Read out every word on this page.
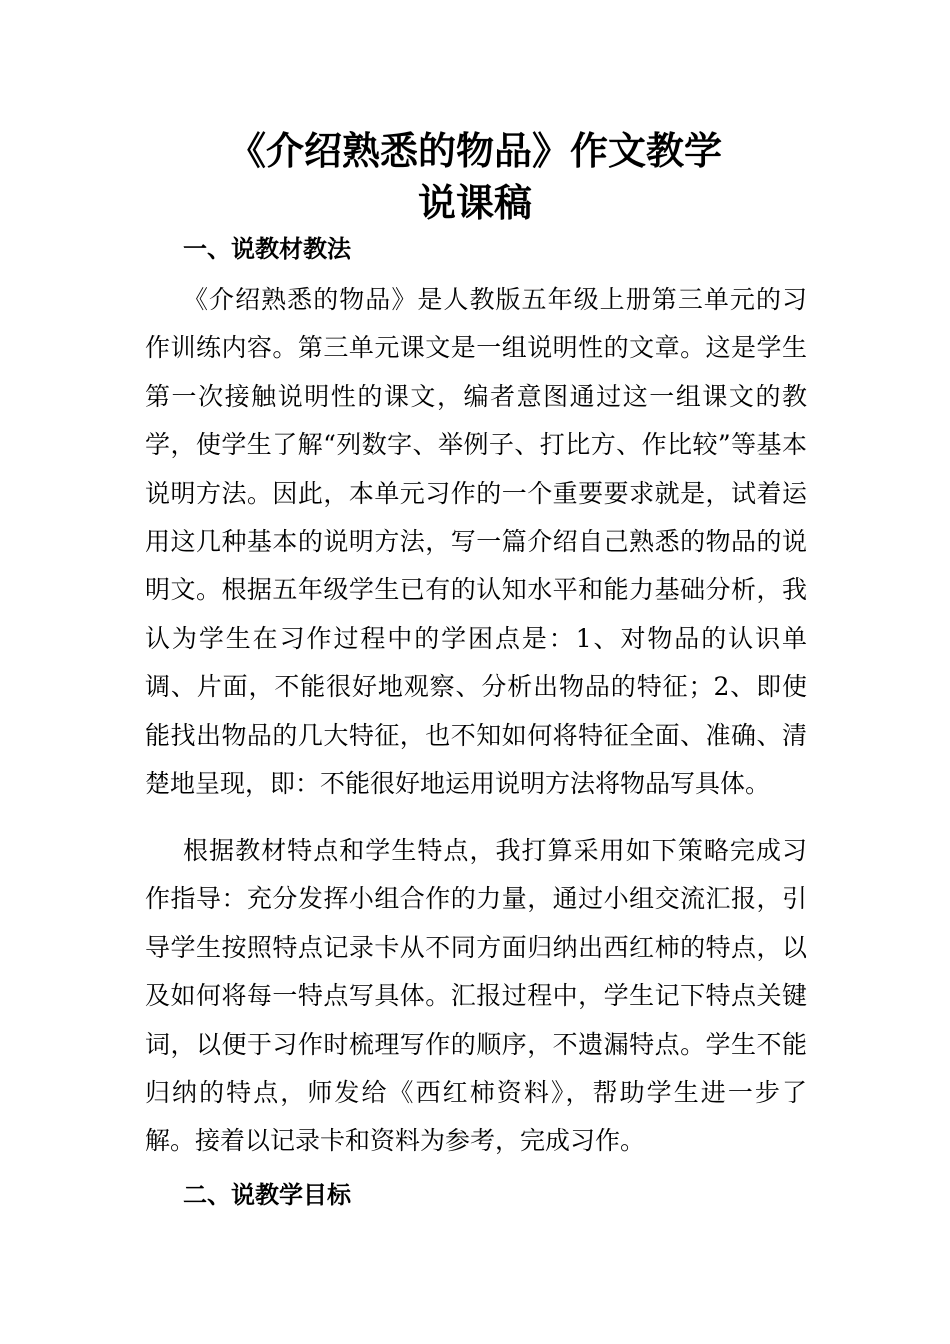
《介绍熟悉的物品》作文教学
说课稿
一、说教材教法

《介绍熟悉的物品》是人教版五年级上册第三单元的习作训练内容。第三单元课文是一组说明性的文章。这是学生第一次接触说明性的课文，编者意图通过这一组课文的教学，使学生了解“列数字、举例子、打比方、作比较”等基本说明方法。因此，本单元习作的一个重要要求就是，试着运用这几种基本的说明方法，写一篇介绍自己熟悉的物品的说明文。根据五年级学生已有的认知水平和能力基础分析，我认为学生在习作过程中的学困点是：1、对物品的认识单调、片面，不能很好地观察、分析出物品的特征；2、即使能找出物品的几大特征，也不知如何将特征全面、准确、清楚地呈现，即：不能很好地运用说明方法将物品写具体。

根据教材特点和学生特点，我打算采用如下策略完成习作指导：充分发挥小组合作的力量，通过小组交流汇报，引导学生按照特点记录卡从不同方面归纳出西红柿的特点，以及如何将每一特点写具体。汇报过程中，学生记下特点关键词，以便于习作时梳理写作的顺序，不遗漏特点。学生不能归纳的特点，师发给《西红柿资料》，帮助学生进一步了解。接着以记录卡和资料为参考，完成习作。

二、说教学目标
